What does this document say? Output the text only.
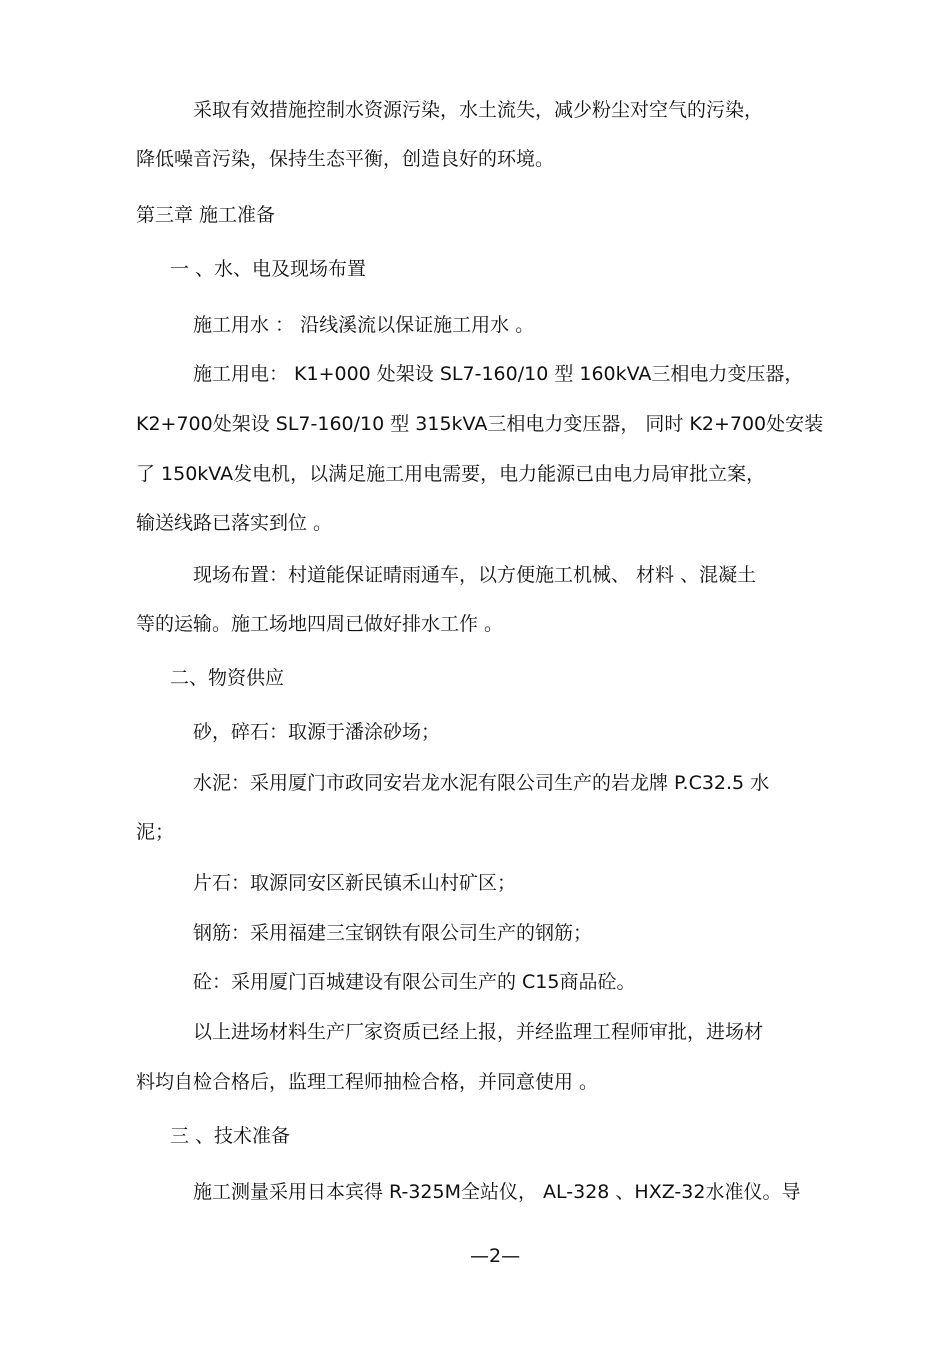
采取有效措施控制水资源污染，水土流失，减少粉尘对空气的污染，
降低噪音污染，保持生态平衡，创造良好的环境。
第三章 施工准备
一 、水、电及现场布置
施工用水 ： 沿线溪流以保证施工用水 。
施工用电： K1+000 处架设 SL7-160/10 型 160kVA三相电力变压器，
K2+700处架设 SL7-160/10 型 315kVA三相电力变压器， 同时 K2+700处安装
了 150kVA发电机，以满足施工用电需要，电力能源已由电力局审批立案，
输送线路已落实到位 。
现场布置：村道能保证晴雨通车，以方便施工机械、 材料 、混凝土
等的运输。施工场地四周已做好排水工作 。
二、物资供应
砂，碎石：取源于潘涂砂场；
水泥：采用厦门市政同安岩龙水泥有限公司生产的岩龙牌 P.C32.5 水
泥；
片石：取源同安区新民镇禾山村矿区；
钢筋：采用福建三宝钢铁有限公司生产的钢筋；
砼：采用厦门百城建设有限公司生产的 C15商品砼。
以上进场材料生产厂家资质已经上报，并经监理工程师审批，进场材
料均自检合格后，监理工程师抽检合格，并同意使用 。
三 、技术准备
施工测量采用日本宾得 R-325M全站仪， AL-328 、HXZ-32水准仪。导
—2—
